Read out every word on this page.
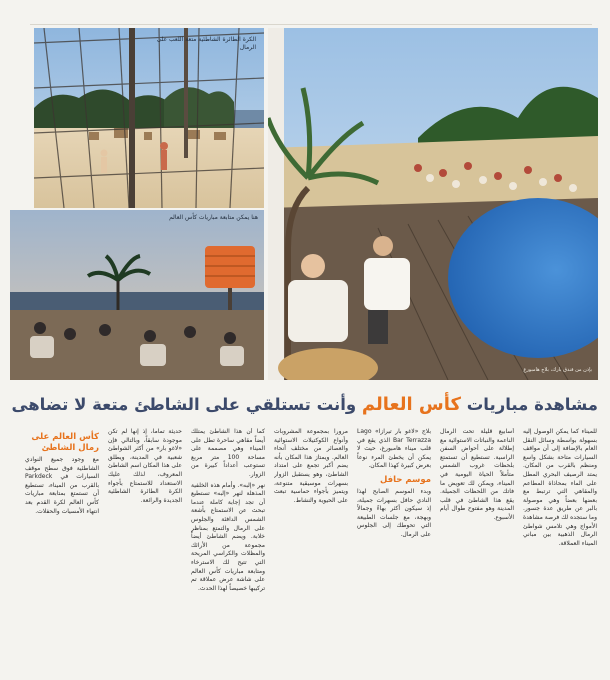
الكرة الطائرة الشاطئية متعة اللعب على الرمال
بإذن من فندق بارك، بلاج هامبورغ
هنا يمكن متابعة مباريات كأس العالم
مشاهدة مباريات كأس العالم وأنت تستلقي على الشاطئ متعة لا تضاهى

للميناء كما يمكن الوصول إليه بسهولة بواسطة وسائل النقل العام بالإضافة إلى أن مواقف السيارات متاحة بشكل واسع ومنظم بالقرب من المكان. يمتد الرصيف البحري المطل على الماء بمحاذاة المطاعم والمقاهي التي ترتبط مع بعضها بعضاً وهي موصولة بالبر عن طريق عدة جسور. وما ستجده لك فرصة مشاهدة الأمواج وهي تلامس شواطئ الرمال الذهبية بين مباني الميناء العملاقة.

أسابيع قليلة تحت الرمال الناعمة والنباتات الاستوائية مع إطلالة على أحواض السفن الراسية. تستطيع أن تستمتع بلحظات غروب الشمس متأملاً الحياة اليومية في الميناء، ويمكن لك تعويض ما فاتك من اللحظات الجميلة. يقع هذا الشاطئ في قلب المدينة وهو مفتوح طوال أيام الأسبوع.

بلاج «لاغو بار تيرازا» Lago Bar Terrazza الذي يقع في قلب ميناء هامبورغ، حيث لا يمكن أن يخطئ المرء نوعاً بعرض كبيرة كهذا المكان.

موسم حافل

وبدء الموسم الصابح لهذا النادي حافل بسهرات جميلة، إذ سيكون أكثر بهاءً وجمالاً وبهجة، مع جلسات الطبيعة التي تحوطك إلى الجلوس على الرمال.

مروراً بمجموعة المشروبات وأنواع الكوكتيلات الاستوائية والعصائر من مختلف أنحاء العالم. ويمتاز هذا المكان بأنه يضم أكبر تجمع على امتداد الشاطئ، وهو يستقبل الزوار بسهرات موسيقية متنوعة، ويتميز بأجواء حماسية تبعث على الحيوية والنشاط.

كما أن هذا الشاطئ يمتلك أيضاً مقاهي ساحرة تطل على الميناء وهي مصممة على مساحة 100 متر مربع تستوعب أعداداً كبيرة من الزوار.

نهر «إلبه». وأمام هذه الخلفية المذهلة لنهر «إلبه» تستطيع أن تجد إجابة كاملة عندما تبحث عن الاستمتاع بأشعة الشمس الدافئة والجلوس على الرمال والتمتع بمناظر خلابة. ويضم الشاطئ أيضاً مجموعة من الأرائك والمظلات والكراسي المريحة التي تتيح لك الاسترخاء ومتابعة مباريات كأس العالم على شاشة عرض عملاقة تم تركيبها خصيصاً لهذا الحدث.

حديثة تماماً، إذ إنها لم تكن موجودة سابقاً، وبالتالي فإن «لاغو بار» من أكثر الشواطئ شعبية في المدينة، ويطلق على هذا المكان اسم الشاطئ المعروف، لذلك عليك الاستعداد للاستمتاع بأجواء الكرة الطائرة الشاطئية الجديدة والرائعة.

كأس العالم على رمال الشاطئ

مع وجود جميع النوادي الشاطئية فوق سطح موقف السيارات في Parkdeck بالقرب من الميناء، تستطيع أن تستمتع بمتابعة مباريات كأس العالم لكرة القدم بعد انتهاء الأمسيات والحفلات.
